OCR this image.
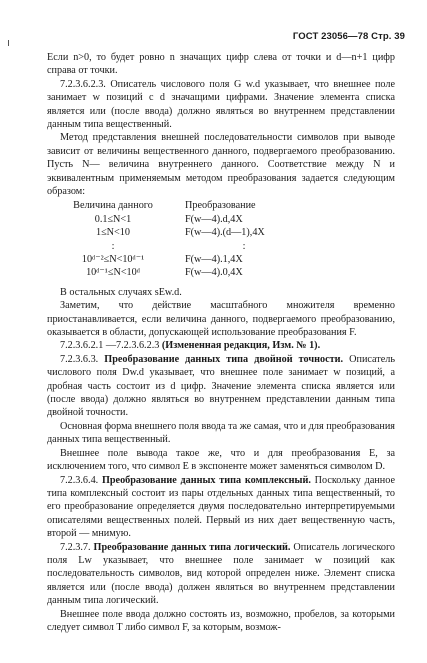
ГОСТ 23056—78 Стр. 39

Если n>0, то будет ровно n значащих цифр слева от точки и d—n+1 цифр справа от точки.

7.2.3.6.2.3. Описатель числового поля G w.d указывает, что внешнее поле занимает w позиций с d значащими цифрами. Значение элемента списка является или (после ввода) должно являться во внутреннем представлении данным типа вещественный.

Метод представления внешней последовательности символов при выводе зависит от величины вещественного данного, подвергаемого преобразованию. Пусть N— величина внутреннего данного. Соответствие между N и эквивалентным применяемым методом преобразования задается следующим образом:

Величина данного	Преобразование
0.1≤N<1	F(w—4).d,4X
1≤N<10	F(w—4).(d—1),4X
:	:
10ᵈ⁻²≤N<10ᵈ⁻¹	F(w—4).1,4X
10ᵈ⁻¹≤N<10ᵈ	F(w—4).0,4X

В остальных случаях sEw.d.

Заметим, что действие масштабного множителя временно приостанавливается, если величина данного, подвергаемого преобразованию, оказывается в области, допускающей использование преобразования F.

7.2.3.6.2.1 —7.2.3.6.2.3 (Измененная редакция, Изм. № 1).

7.2.3.6.3. Преобразование данных типа двойной точности. Описатель числового поля Dw.d указывает, что внешнее поле занимает w позиций, а дробная часть состоит из d цифр. Значение элемента списка является или (после ввода) должно являться во внутреннем представлении данным типа двойной точности.

Основная форма внешнего поля ввода та же самая, что и для преобразования данных типа вещественный.

Внешнее поле вывода такое же, что и для преобразования E, за исключением того, что символ E в экспоненте может заменяться символом D.

7.2.3.6.4. Преобразование данных типа комплексный. Поскольку данное типа комплексный состоит из пары отдельных данных типа вещественный, то его преобразование определяется двумя последовательно интерпретируемыми описателями вещественных полей. Первый из них дает вещественную часть, второй — мнимую.

7.2.3.7. Преобразование данных типа логический. Описатель логического поля Lw указывает, что внешнее поле занимает w позиций как последовательность символов, вид которой определен ниже. Элемент списка является или (после ввода) должен являться во внутреннем представлении данным типа логический.

Внешнее поле ввода должно состоять из, возможно, пробелов, за которыми следует символ T либо символ F, за которым, возмож-
